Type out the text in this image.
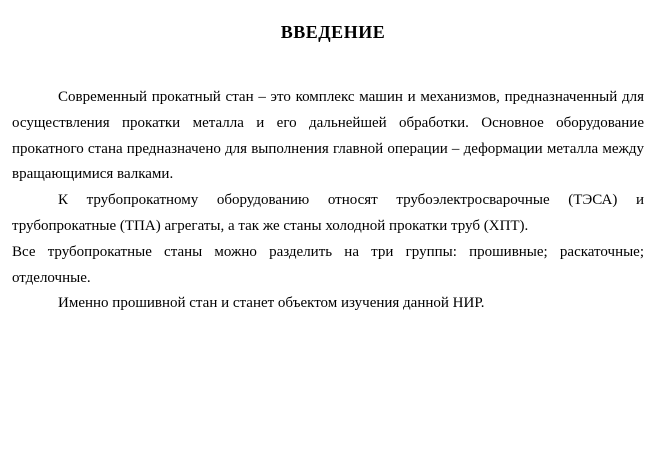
ВВЕДЕНИЕ

Современный прокатный стан – это комплекс машин и механизмов, предназначенный для осуществления прокатки металла и его дальнейшей обработки. Основное оборудование прокатного стана предназначено для выполнения главной операции – деформации металла между вращающимися валками.

К трубопрокатному оборудованию относят трубоэлектросварочные (ТЭСА) и трубопрокатные (ТПА) агрегаты, а так же станы холодной прокатки труб (ХПТ).

Все трубопрокатные станы можно разделить на три группы: прошивные; раскаточные; отделочные.

Именно прошивной стан и станет объектом изучения данной НИР.
